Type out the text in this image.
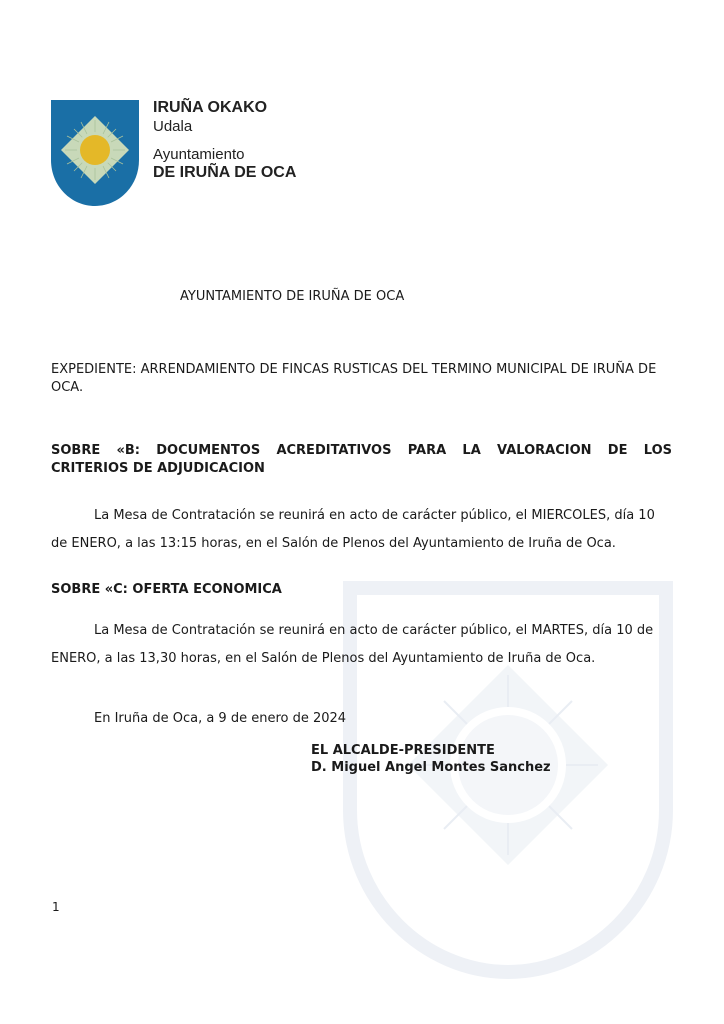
IRUÑA OKAKO
Udala
Ayuntamiento
DE IRUÑA DE OCA
AYUNTAMIENTO DE IRUÑA DE OCA
EXPEDIENTE: ARRENDAMIENTO DE FINCAS RUSTICAS DEL TERMINO MUNICIPAL DE IRUÑA DE OCA.
SOBRE «B: DOCUMENTOS ACREDITATIVOS PARA LA VALORACION DE LOS
CRITERIOS DE ADJUDICACION
La Mesa de Contratación se reunirá en acto de carácter público, el MIERCOLES, día 10
de ENERO, a las 13:15 horas, en el Salón de Plenos del Ayuntamiento de Iruña de Oca.
SOBRE «C: OFERTA ECONOMICA
La Mesa de Contratación se reunirá en acto de carácter público, el MARTES, día 10 de
ENERO, a las 13,30 horas, en el Salón de Plenos del Ayuntamiento de Iruña de Oca.
En Iruña de Oca, a 9 de enero de 2024
EL ALCALDE-PRESIDENTE
D. Miguel Angel Montes Sanchez
1
